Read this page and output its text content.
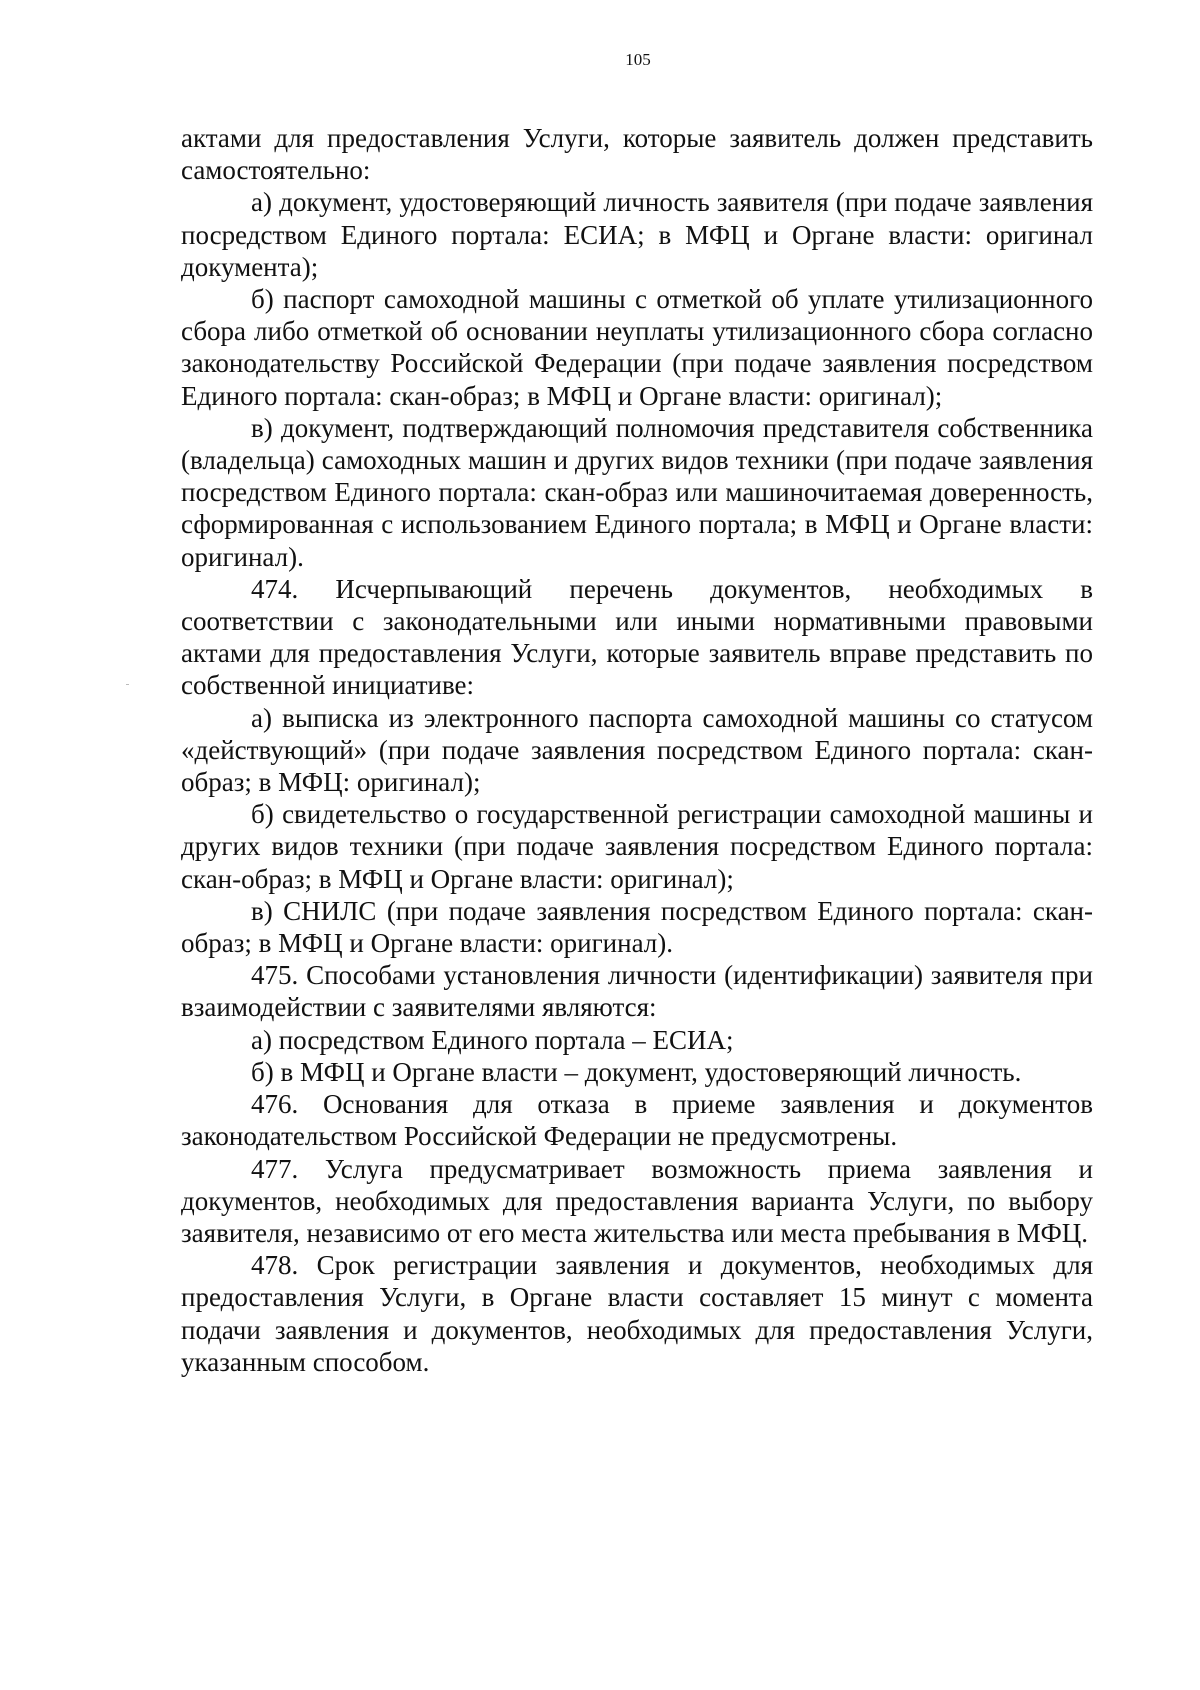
105

актами для предоставления Услуги, которые заявитель должен представить самостоятельно:

а) документ, удостоверяющий личность заявителя (при подаче заявления посредством Единого портала: ЕСИА; в МФЦ и Органе власти: оригинал документа);

б) паспорт самоходной машины с отметкой об уплате утилизационного сбора либо отметкой об основании неуплаты утилизационного сбора согласно законодательству Российской Федерации (при подаче заявления посредством Единого портала: скан-образ; в МФЦ и Органе власти: оригинал);

в) документ, подтверждающий полномочия представителя собственника (владельца) самоходных машин и других видов техники (при подаче заявления посредством Единого портала: скан-образ или машиночитаемая доверенность, сформированная с использованием Единого портала; в МФЦ и Органе власти: оригинал).

474. Исчерпывающий перечень документов, необходимых в соответствии с законодательными или иными нормативными правовыми актами для предоставления Услуги, которые заявитель вправе представить по собственной инициативе:

а) выписка из электронного паспорта самоходной машины со статусом «действующий» (при подаче заявления посредством Единого портала: скан-образ; в МФЦ: оригинал);

б) свидетельство о государственной регистрации самоходной машины и других видов техники (при подаче заявления посредством Единого портала: скан-образ; в МФЦ и Органе власти: оригинал);

в) СНИЛС (при подаче заявления посредством Единого портала: скан-образ; в МФЦ и Органе власти: оригинал).

475. Способами установления личности (идентификации) заявителя при взаимодействии с заявителями являются:

а) посредством Единого портала – ЕСИА;

б) в МФЦ и Органе власти – документ, удостоверяющий личность.

476. Основания для отказа в приеме заявления и документов законодательством Российской Федерации не предусмотрены.

477. Услуга предусматривает возможность приема заявления и документов, необходимых для предоставления варианта Услуги, по выбору заявителя, независимо от его места жительства или места пребывания в МФЦ.

478. Срок регистрации заявления и документов, необходимых для предоставления Услуги, в Органе власти составляет 15 минут с момента подачи заявления и документов, необходимых для предоставления Услуги, указанным способом.
